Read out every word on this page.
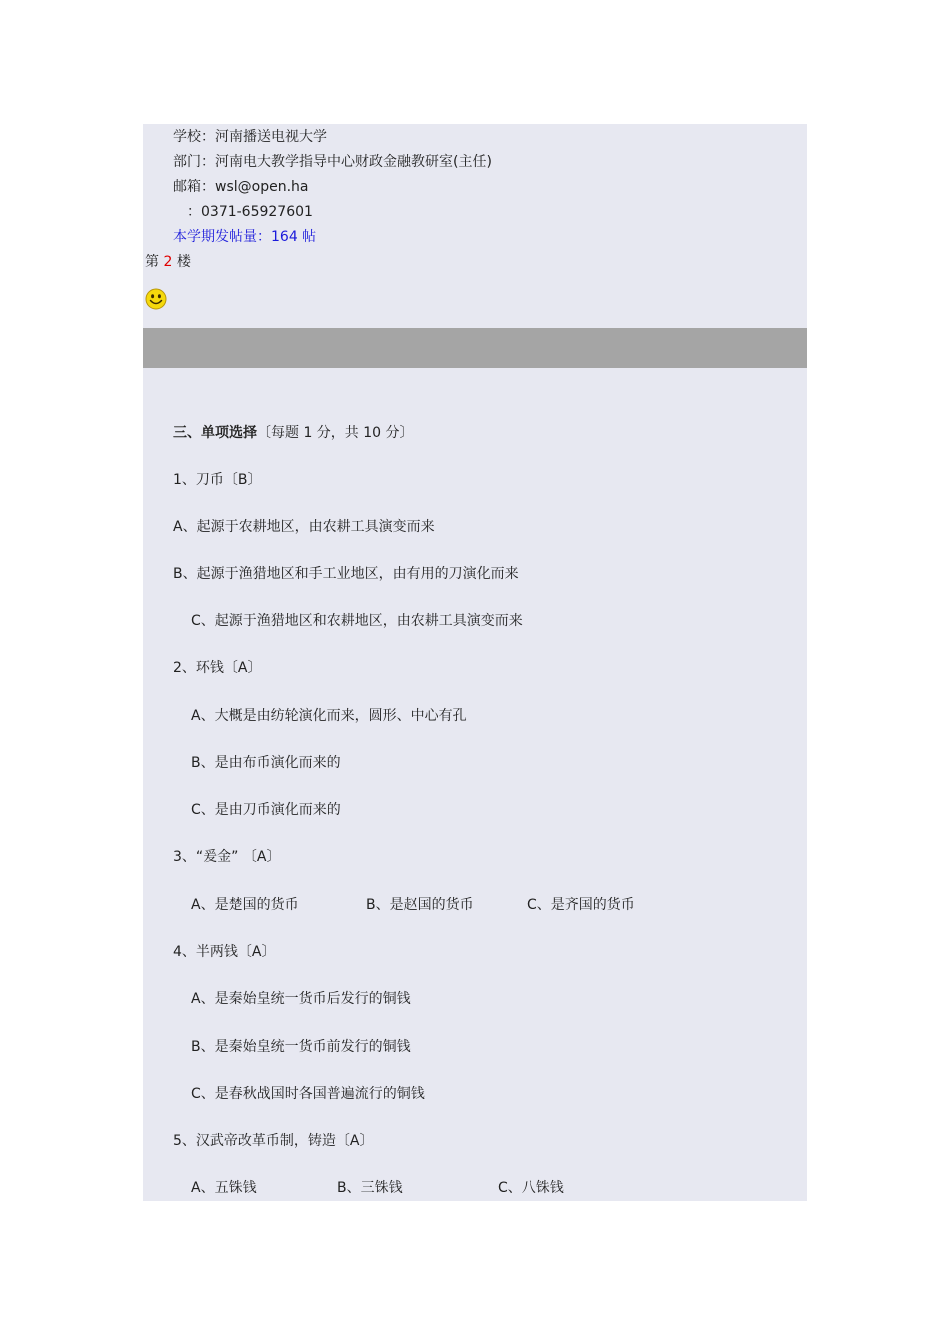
学校：河南播送电视大学
部门：河南电大教学指导中心财政金融教研室(主任)
邮箱：wsl@open.ha
：0371-65927601
本学期发帖量：164 帖
第 2 楼
三、单项选择〔每题 1 分，共 10 分〕
1、刀币〔B〕
A、起源于农耕地区，由农耕工具演变而来
B、起源于渔猎地区和手工业地区，由有用的刀演化而来
C、起源于渔猎地区和农耕地区，由农耕工具演变而来
2、环钱〔A〕
A、大概是由纺轮演化而来，圆形、中心有孔
B、是由布币演化而来的
C、是由刀币演化而来的
3、“爰金” 〔A〕
A、是楚国的货币	B、是赵国的货币	C、是齐国的货币
4、半两钱〔A〕
A、是秦始皇统一货币后发行的铜钱
B、是秦始皇统一货币前发行的铜钱
C、是春秋战国时各国普遍流行的铜钱
5、汉武帝改革币制，铸造〔A〕
A、五铢钱	B、三铢钱	C、八铢钱
